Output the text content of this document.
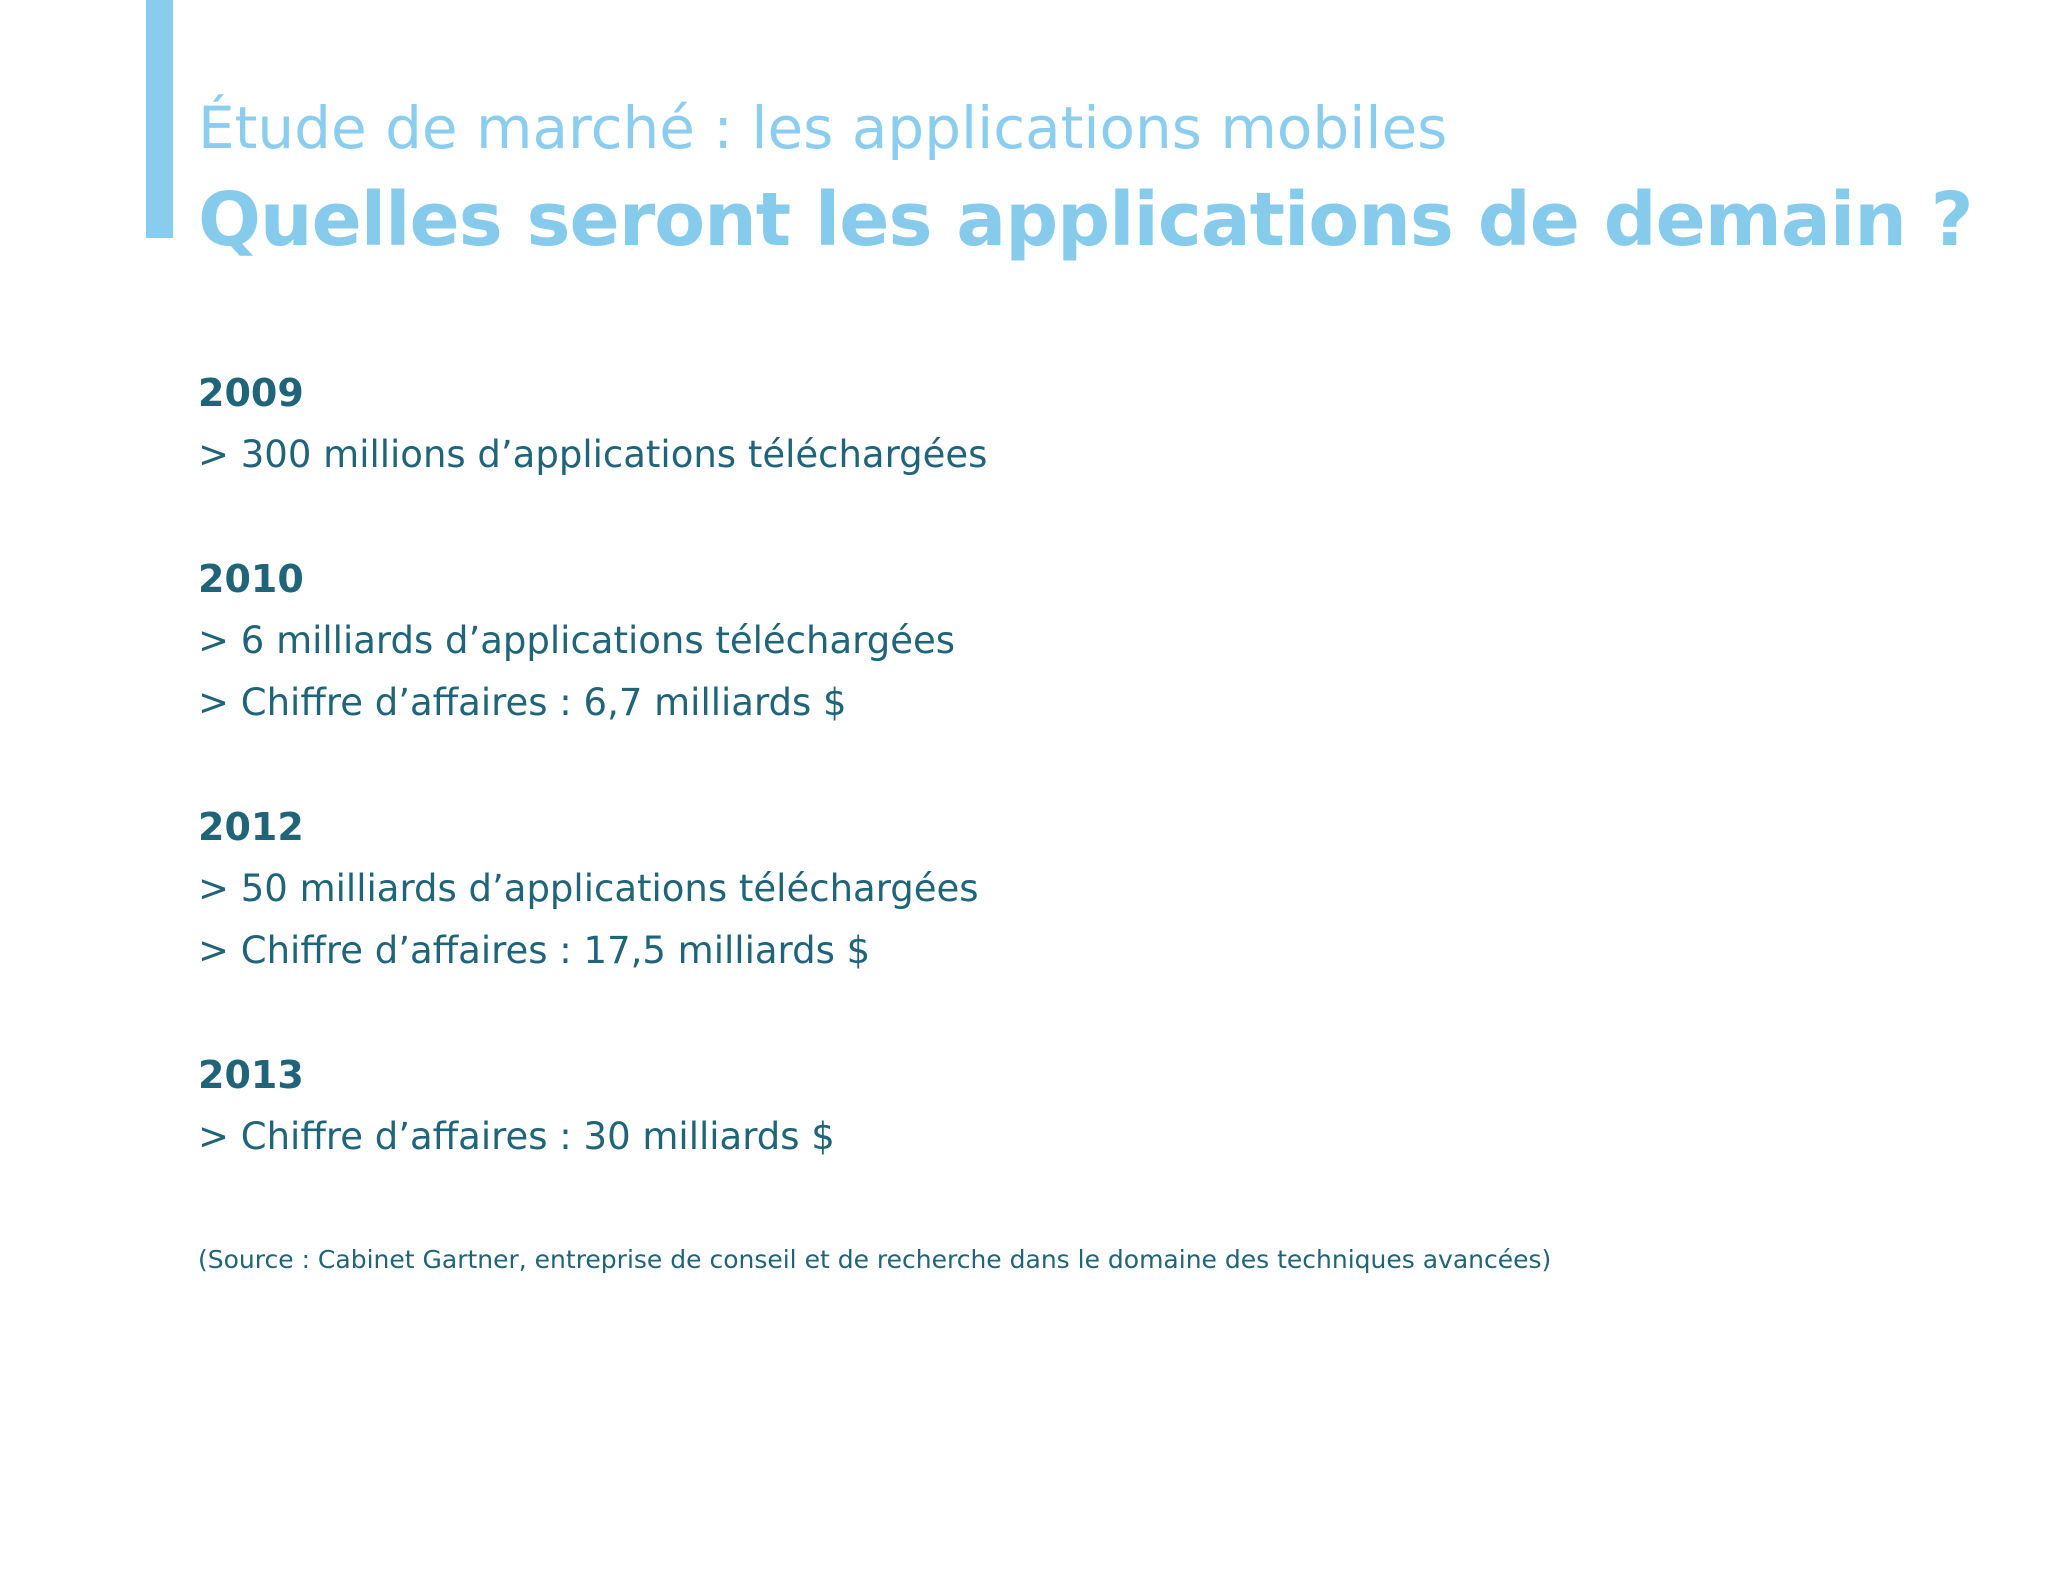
Étude de marché : les applications mobiles
Quelles seront les applications de demain ?

2009

> 300 millions d’applications téléchargées

2010

> 6 milliards d’applications téléchargées

> Chiffre d’affaires : 6,7 milliards $

2012

> 50 milliards d’applications téléchargées

> Chiffre d’affaires : 17,5 milliards $

2013

> Chiffre d’affaires : 30 milliards $

(Source : Cabinet Gartner, entreprise de conseil et de recherche dans le domaine des techniques avancées)
